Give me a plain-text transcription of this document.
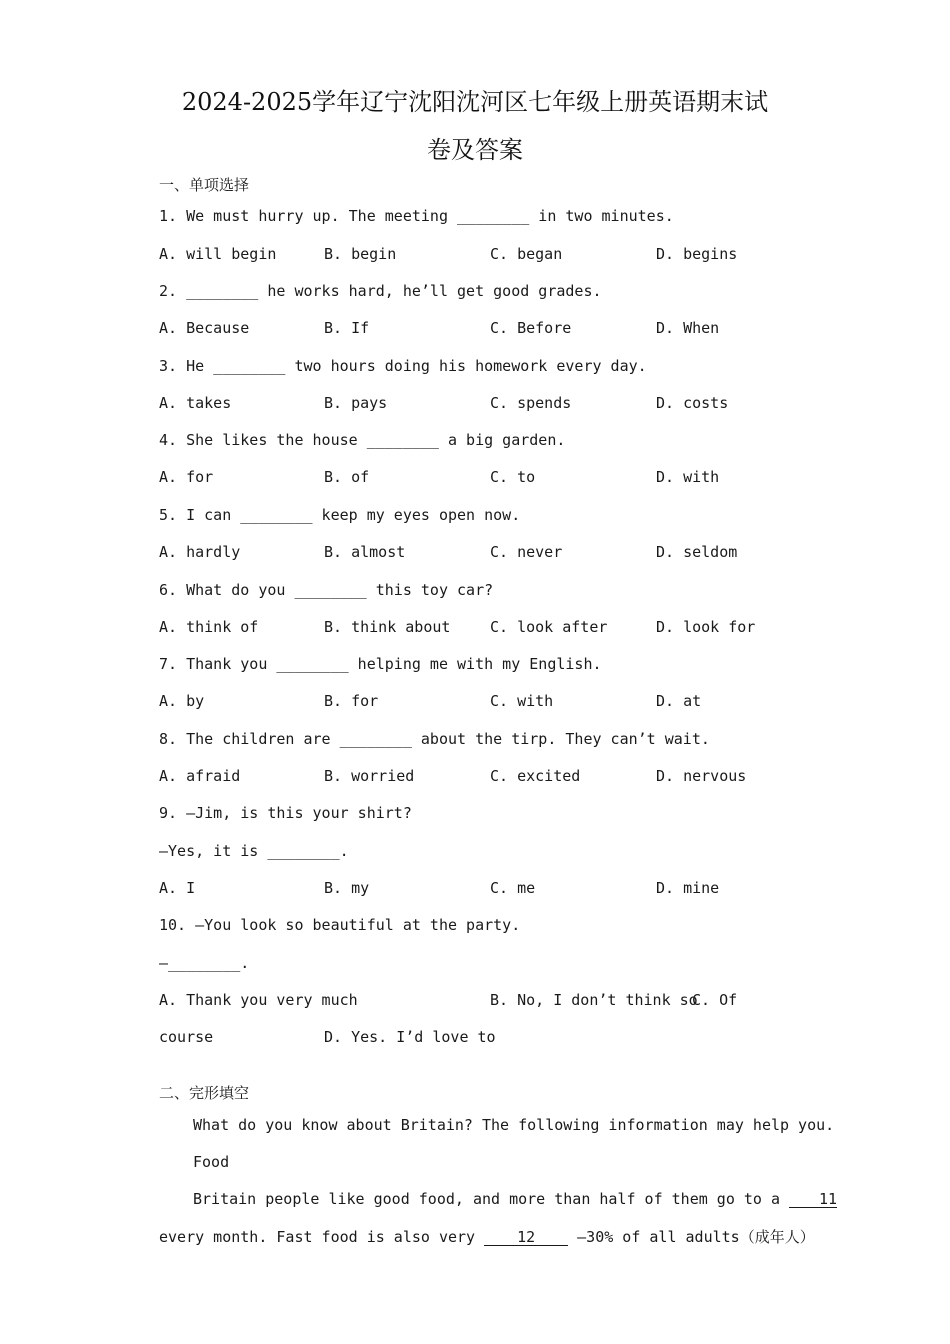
2024-2025学年辽宁沈阳沈河区七年级上册英语期末试
卷及答案
一、单项选择
1. We must hurry up. The meeting ________ in two minutes.
A. will begin	B. begin	C. began	D. begins
2. ________ he works hard, he’ll get good grades.
A. Because	B. If	C. Before	D. When
3. He ________ two hours doing his homework every day.
A. takes	B. pays	C. spends	D. costs
4. She likes the house ________ a big garden.
A. for	B. of	C. to	D. with
5. I can ________ keep my eyes open now.
A. hardly	B. almost	C. never	D. seldom
6. What do you ________ this toy car?
A. think of	B. think about	C. look after	D. look for
7. Thank you ________ helping me with my English.
A. by	B. for	C. with	D. at
8. The children are ________ about the tirp. They can’t wait.
A. afraid	B. worried	C. excited	D. nervous
9. —Jim, is this your shirt?
—Yes, it is ________.
A. I	B. my	C. me	D. mine
10. —You look so beautiful at the party.
—________.
A. Thank you very much	B. No, I don’t think so
C. Of
course	D. Yes. I’d love to
二、完形填空
What do you know about Britain? The following information may help you.
Food
Britain people like good food, and more than half of them go to a 11
every month. Fast food is also very 12 —30% of all adults（成年人）
